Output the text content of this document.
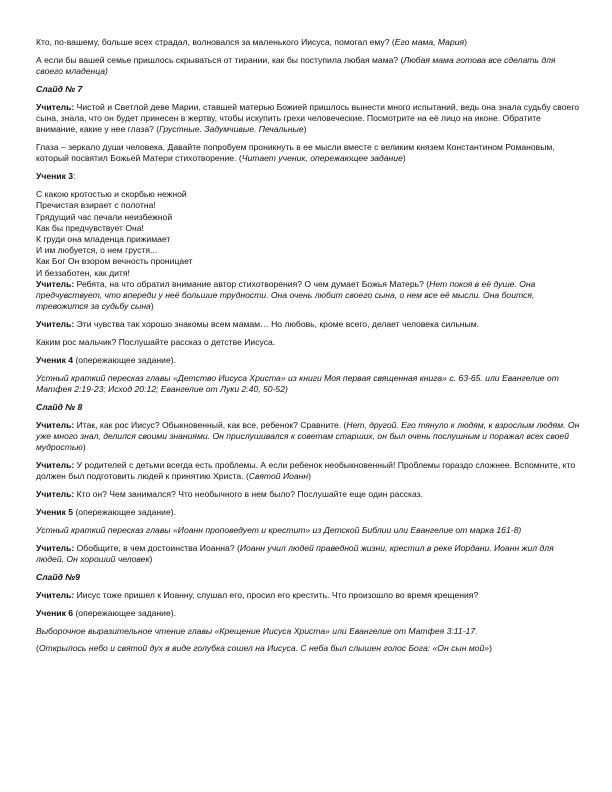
Кто, по-вашему, больше всех страдал, волновался за маленького Иисуса, помогал ему? (Его мама, Мария)

А если бы вашей семье пришлось скрываться от тирании, как бы поступила любая мама? (Любая мама готова все сделать для своего младенца)

Слайд № 7

Учитель: Чистой и Светлой деве Марии, ставшей матерью Божией пришлось вынести много испытаний, ведь она знала судьбу своего сына, знала, что он будет принесен в жертву, чтобы искупить грехи человеческие. Посмотрите на её лицо на иконе. Обратите внимание, какие у нее глаза? (Грустные. Задумчивые. Печальные)

Глаза – зеркало души человека. Давайте попробуем проникнуть в ее мысли вместе с великим князем Константином Романовым, который посвятил Божьей Матери стихотворение. (Читает ученик, опережающее задание)

Ученик 3:

С какою кротостью и скорбью нежной
Пречистая взирает с полотна!
Грядущий час печали неизбежной
Как бы предчувствует Она!
К груди она младенца прижимает
И им любуется, о нем грустя...
Как Бог Он взором вечность проницает
И беззаботен, как дитя!

Учитель: Ребята, на что обратил внимание автор стихотворения? О чем думает Божья Матерь? (Нет покоя в её душе. Она предчувствует, что впереди у неё большие трудности. Она очень любит своего сына, о нем все её мысли. Она боится, тревожится за судьбу сына)

Учитель: Эти чувства так хорошо знакомы всем мамам… Но любовь, кроме всего, делает человека сильным.

Каким рос мальчик? Послушайте рассказ о детстве Иисуса.

Ученик 4 (опережающее задание).

Устный краткий пересказ главы «Детство Иисуса Христа» из книги Моя первая священная книга» с. 63-65. или Евангелие от Матфея 2:19-23; Исход 20:12; Евангелие от Луки 2:40, 50-52)

Слайд № 8

Учитель: Итак, как рос Иисус? Обыкновенный, как все, ребенок? Сравните. (Нет, другой. Его тянуло к людям, к взрослым людям. Он уже много знал, делился своими знаниями. Он прислушивался к советам старших, он был очень послушным и поражал всех своей мудростью)

Учитель: У родителей с детьми всегда есть проблемы. А если ребенок необыкновенный! Проблемы гораздо сложнее. Вспомните, кто должен был подготовить людей к принятию Христа. (Святой Иоанн)

Учитель: Кто он? Чем занимался? Что необычного в нем было? Послушайте еще один рассказ.

Ученик 5 (опережающее задание).

Устный краткий пересказ главы «Иоанн проповедует и крестит» из Детской Библии или Евангелие от марка 161-8)

Учитель: Обобщите, в чем достоинства Иоанна? (Иоанн учил людей праведной жизни, крестил в реке Иордани. Иоанн жил для людей. Он хороший человек)

Слайд №9

Учитель: Иисус тоже пришел к Иоанну, слушал его, просил его крестить. Что произошло во время крещения?

Ученик 6 (опережающее задание).

Выборочное выразительное чтение главы «Крещение Иисуса Христа» или Евангелие от Матфея 3:11-17.

(Открылось небо и святой дух в виде голубка сошел на Иисуса. С неба был слышен голос Бога: «Он сын мой»)
